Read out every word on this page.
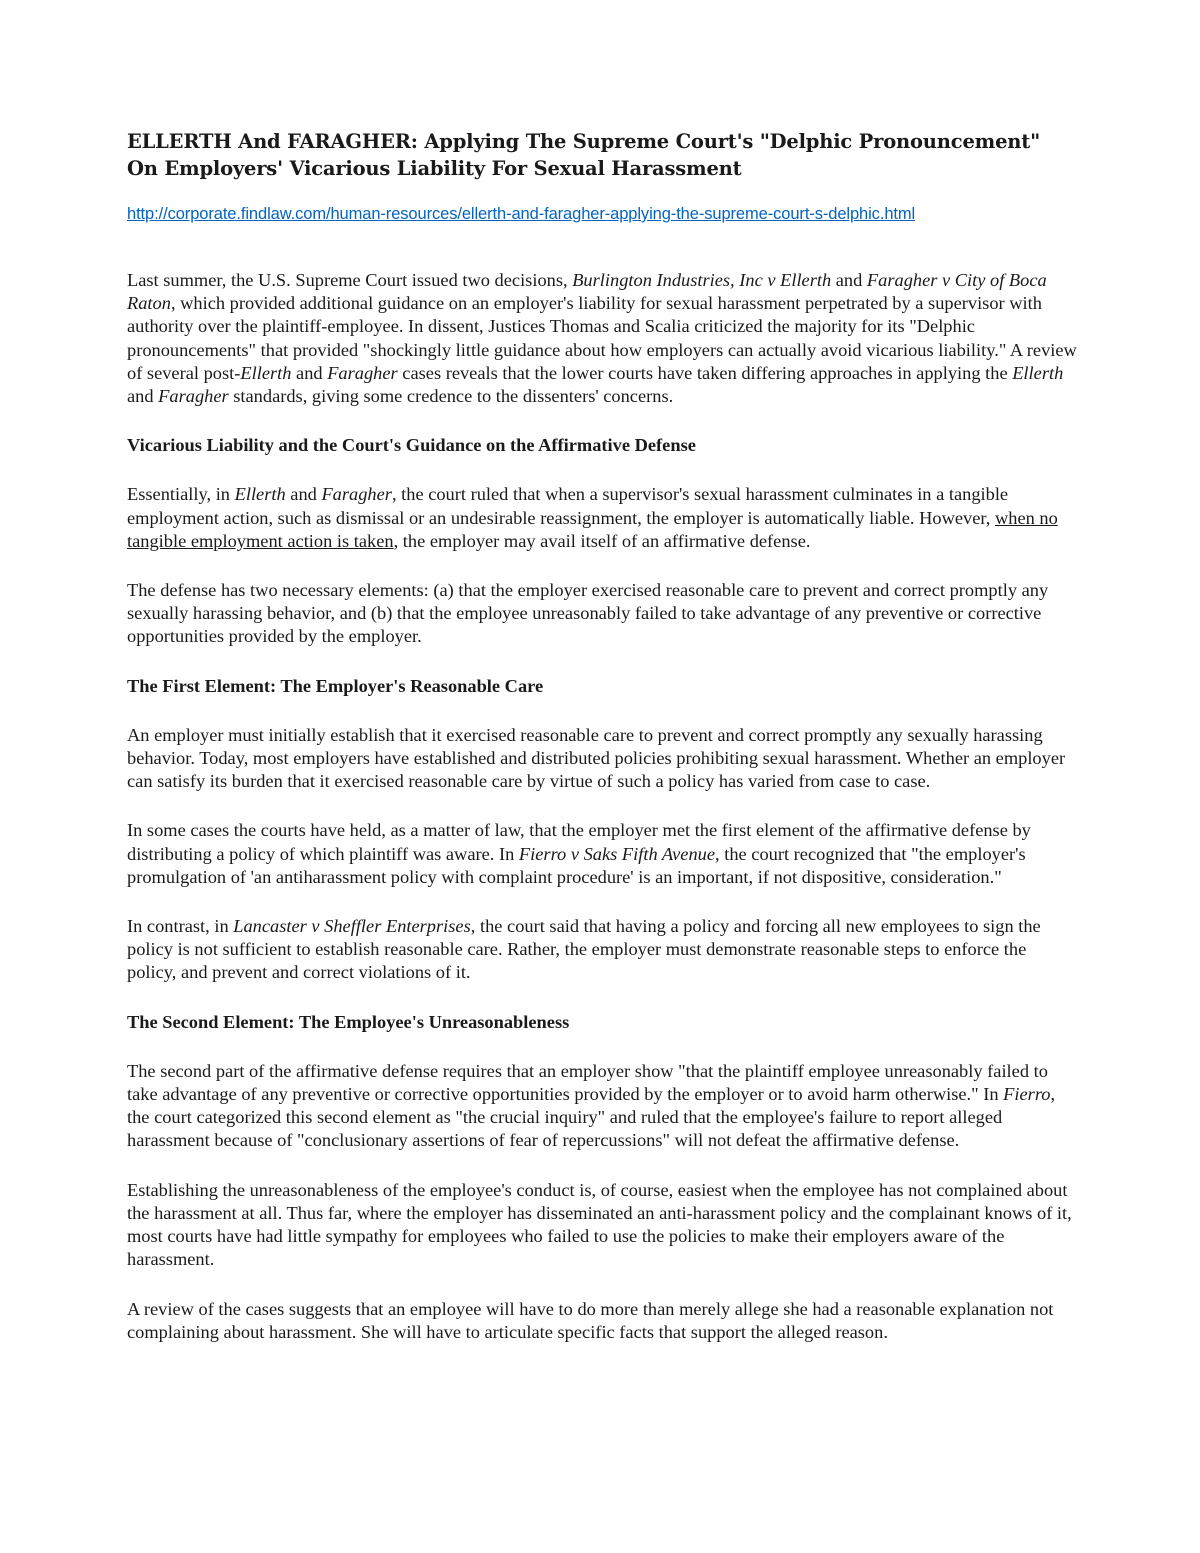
ELLERTH And FARAGHER: Applying The Supreme Court's "Delphic Pronouncement" On Employers' Vicarious Liability For Sexual Harassment
http://corporate.findlaw.com/human-resources/ellerth-and-faragher-applying-the-supreme-court-s-delphic.html

Last summer, the U.S. Supreme Court issued two decisions, Burlington Industries, Inc v Ellerth and Faragher v City of Boca Raton, which provided additional guidance on an employer's liability for sexual harassment perpetrated by a supervisor with authority over the plaintiff-employee. In dissent, Justices Thomas and Scalia criticized the majority for its "Delphic pronouncements" that provided "shockingly little guidance about how employers can actually avoid vicarious liability." A review of several post-Ellerth and Faragher cases reveals that the lower courts have taken differing approaches in applying the Ellerth and Faragher standards, giving some credence to the dissenters' concerns.

Vicarious Liability and the Court's Guidance on the Affirmative Defense

Essentially, in Ellerth and Faragher, the court ruled that when a supervisor's sexual harassment culminates in a tangible employment action, such as dismissal or an undesirable reassignment, the employer is automatically liable. However, when no tangible employment action is taken, the employer may avail itself of an affirmative defense.

The defense has two necessary elements: (a) that the employer exercised reasonable care to prevent and correct promptly any sexually harassing behavior, and (b) that the employee unreasonably failed to take advantage of any preventive or corrective opportunities provided by the employer.

The First Element: The Employer's Reasonable Care

An employer must initially establish that it exercised reasonable care to prevent and correct promptly any sexually harassing behavior. Today, most employers have established and distributed policies prohibiting sexual harassment. Whether an employer can satisfy its burden that it exercised reasonable care by virtue of such a policy has varied from case to case.

In some cases the courts have held, as a matter of law, that the employer met the first element of the affirmative defense by distributing a policy of which plaintiff was aware. In Fierro v Saks Fifth Avenue, the court recognized that "the employer's promulgation of 'an antiharassment policy with complaint procedure' is an important, if not dispositive, consideration."

In contrast, in Lancaster v Sheffler Enterprises, the court said that having a policy and forcing all new employees to sign the policy is not sufficient to establish reasonable care. Rather, the employer must demonstrate reasonable steps to enforce the policy, and prevent and correct violations of it.

The Second Element: The Employee's Unreasonableness

The second part of the affirmative defense requires that an employer show "that the plaintiff employee unreasonably failed to take advantage of any preventive or corrective opportunities provided by the employer or to avoid harm otherwise." In Fierro, the court categorized this second element as "the crucial inquiry" and ruled that the employee's failure to report alleged harassment because of "conclusionary assertions of fear of repercussions" will not defeat the affirmative defense.

Establishing the unreasonableness of the employee's conduct is, of course, easiest when the employee has not complained about the harassment at all. Thus far, where the employer has disseminated an anti-harassment policy and the complainant knows of it, most courts have had little sympathy for employees who failed to use the policies to make their employers aware of the harassment.

A review of the cases suggests that an employee will have to do more than merely allege she had a reasonable explanation not complaining about harassment. She will have to articulate specific facts that support the alleged reason.
